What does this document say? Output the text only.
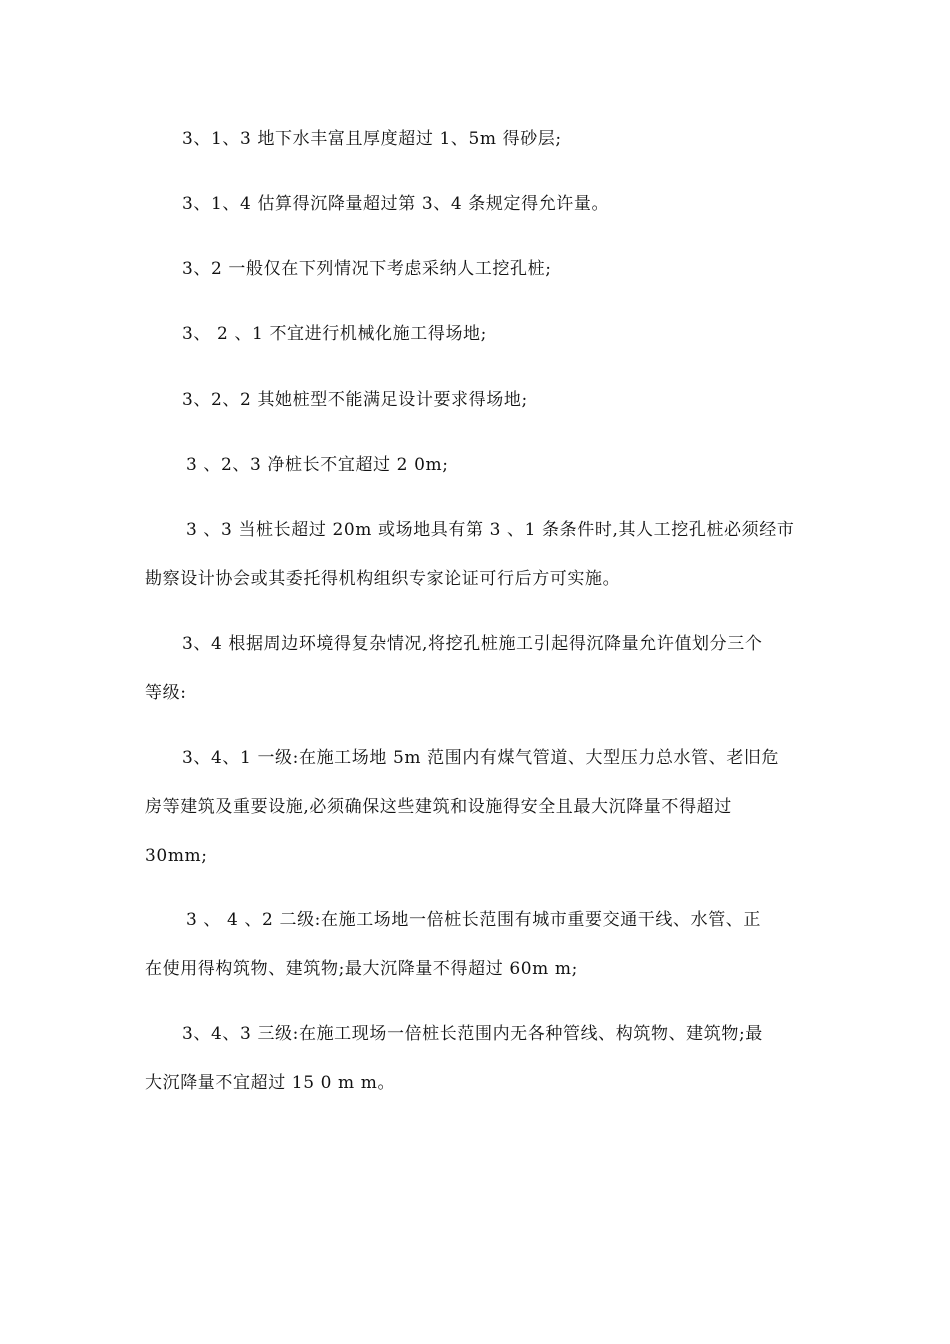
3、1、3 地下水丰富且厚度超过 1、5m 得砂层;
3、1、4 估算得沉降量超过第 3、4 条规定得允许量。
3、2 一般仅在下列情况下考虑采纳人工挖孔桩;
3、 2 、1 不宜进行机械化施工得场地;
3、2、2 其她桩型不能满足设计要求得场地;
3 、2、3 净桩长不宜超过 2 0m;
3 、3 当桩长超过 20m 或场地具有第 3 、1 条条件时,其人工挖孔桩必须经市
勘察设计协会或其委托得机构组织专家论证可行后方可实施。
3、4 根据周边环境得复杂情况,将挖孔桩施工引起得沉降量允许值划分三个
等级:
3、4、1 一级:在施工场地 5m 范围内有煤气管道、大型压力总水管、老旧危
房等建筑及重要设施,必须确保这些建筑和设施得安全且最大沉降量不得超过
30mm;
3 、 4 、2 二级:在施工场地一倍桩长范围有城市重要交通干线、水管、正
在使用得构筑物、建筑物;最大沉降量不得超过 60m m;
3、4、3 三级:在施工现场一倍桩长范围内无各种管线、构筑物、建筑物;最
大沉降量不宜超过 15 0 m m。
